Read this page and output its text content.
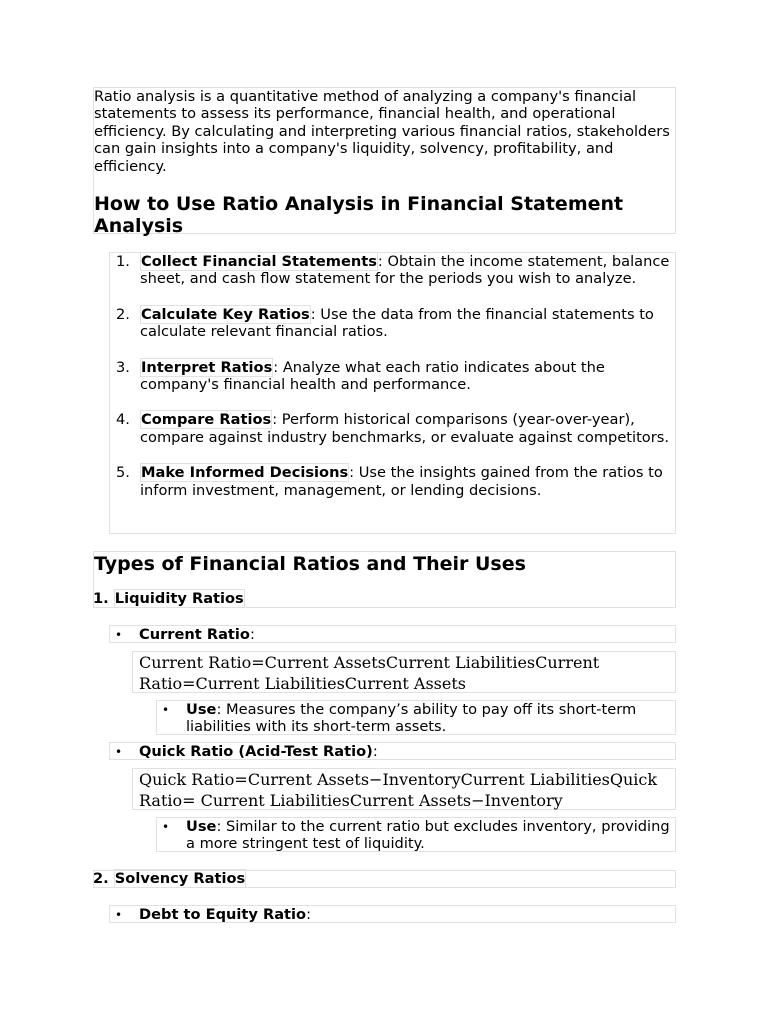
Ratio analysis is a quantitative method of analyzing a company's financial statements to assess its performance, financial health, and operational efficiency. By calculating and interpreting various financial ratios, stakeholders can gain insights into a company's liquidity, solvency, profitability, and efficiency.

How to Use Ratio Analysis in Financial Statement Analysis
1. Collect Financial Statements: Obtain the income statement, balance sheet, and cash flow statement for the periods you wish to analyze.
2. Calculate Key Ratios: Use the data from the financial statements to calculate relevant financial ratios.
3. Interpret Ratios: Analyze what each ratio indicates about the company's financial health and performance.
4. Compare Ratios: Perform historical comparisons (year-over-year), compare against industry benchmarks, or evaluate against competitors.
5. Make Informed Decisions: Use the insights gained from the ratios to inform investment, management, or lending decisions.
Types of Financial Ratios and Their Uses
1. Liquidity Ratios
• Current Ratio:
Current Ratio=Current AssetsCurrent LiabilitiesCurrent Ratio=Current LiabilitiesCurrent Assets
• Use: Measures the company’s ability to pay off its short-term liabilities with its short-term assets.
• Quick Ratio (Acid-Test Ratio):
Quick Ratio=Current Assets−InventoryCurrent LiabilitiesQuick Ratio= Current LiabilitiesCurrent Assets−Inventory
• Use: Similar to the current ratio but excludes inventory, providing a more stringent test of liquidity.
2. Solvency Ratios
• Debt to Equity Ratio:
